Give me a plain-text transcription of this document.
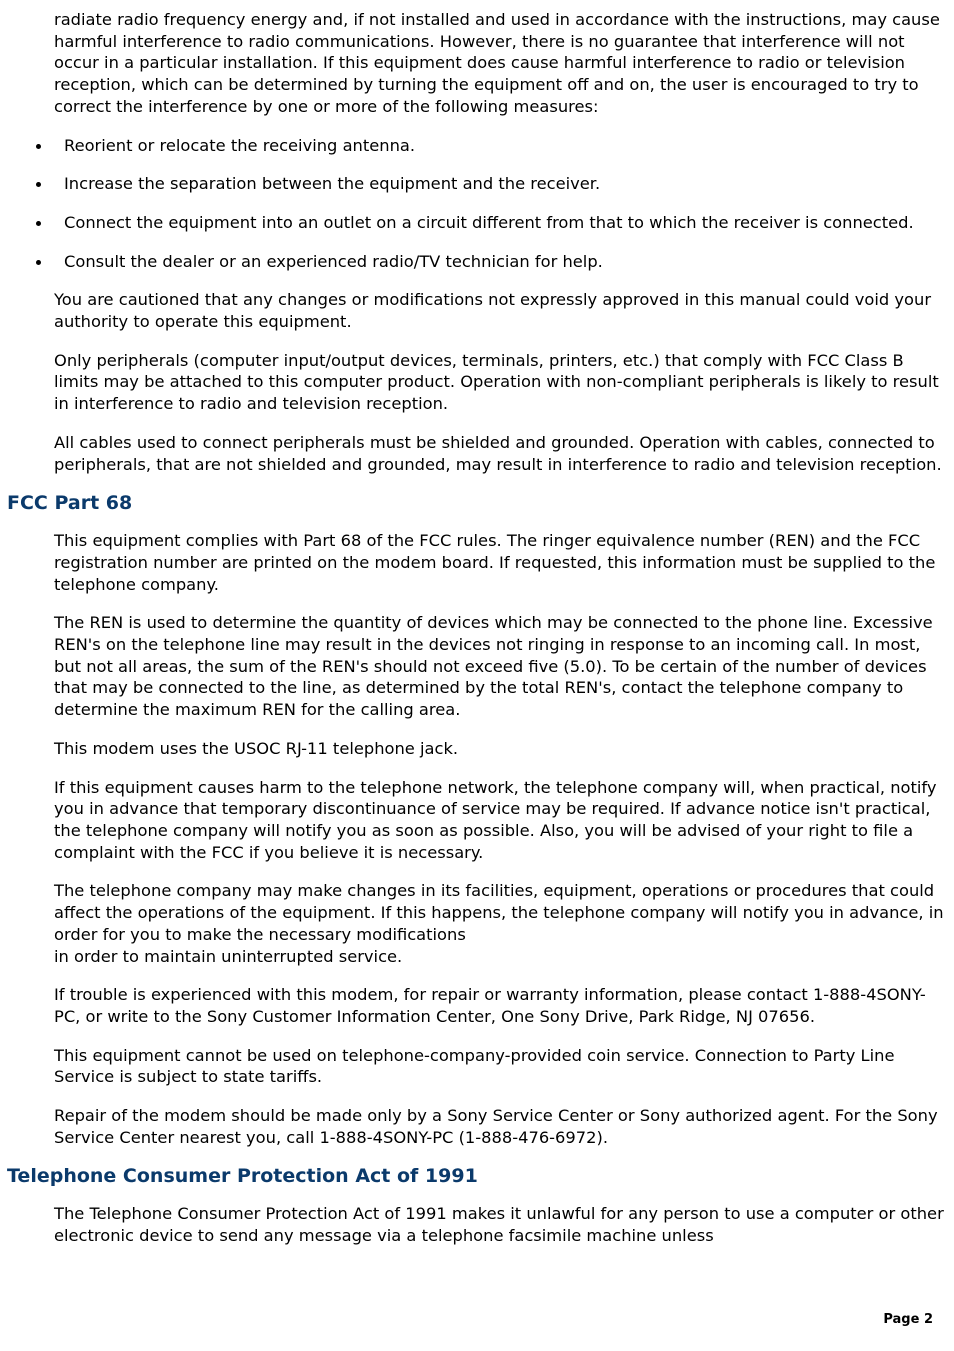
radiate radio frequency energy and, if not installed and used in accordance with the instructions, may cause harmful interference to radio communications. However, there is no guarantee that interference will not occur in a particular installation. If this equipment does cause harmful interference to radio or television reception, which can be determined by turning the equipment off and on, the user is encouraged to try to correct the interference by one or more of the following measures:

Reorient or relocate the receiving antenna.
Increase the separation between the equipment and the receiver.
Connect the equipment into an outlet on a circuit different from that to which the receiver is connected.
Consult the dealer or an experienced radio/TV technician for help.

You are cautioned that any changes or modifications not expressly approved in this manual could void your authority to operate this equipment.

Only peripherals (computer input/output devices, terminals, printers, etc.) that comply with FCC Class B limits may be attached to this computer product. Operation with non-compliant peripherals is likely to result in interference to radio and television reception.

All cables used to connect peripherals must be shielded and grounded. Operation with cables, connected to peripherals, that are not shielded and grounded, may result in interference to radio and television reception.

FCC Part 68

This equipment complies with Part 68 of the FCC rules. The ringer equivalence number (REN) and the FCC registration number are printed on the modem board. If requested, this information must be supplied to the telephone company.

The REN is used to determine the quantity of devices which may be connected to the phone line. Excessive REN's on the telephone line may result in the devices not ringing in response to an incoming call. In most, but not all areas, the sum of the REN's should not exceed five (5.0). To be certain of the number of devices that may be connected to the line, as determined by the total REN's, contact the telephone company to determine the maximum REN for the calling area.

This modem uses the USOC RJ-11 telephone jack.

If this equipment causes harm to the telephone network, the telephone company will, when practical, notify you in advance that temporary discontinuance of service may be required. If advance notice isn't practical, the telephone company will notify you as soon as possible. Also, you will be advised of your right to file a complaint with the FCC if you believe it is necessary.

The telephone company may make changes in its facilities, equipment, operations or procedures that could affect the operations of the equipment. If this happens, the telephone company will notify you in advance, in order for you to make the necessary modifications
in order to maintain uninterrupted service.

If trouble is experienced with this modem, for repair or warranty information, please contact 1-888-4SONY-PC, or write to the Sony Customer Information Center, One Sony Drive, Park Ridge, NJ 07656.

This equipment cannot be used on telephone-company-provided coin service. Connection to Party Line Service is subject to state tariffs.

Repair of the modem should be made only by a Sony Service Center or Sony authorized agent. For the Sony Service Center nearest you, call 1-888-4SONY-PC (1-888-476-6972).

Telephone Consumer Protection Act of 1991

The Telephone Consumer Protection Act of 1991 makes it unlawful for any person to use a computer or other electronic device to send any message via a telephone facsimile machine unless

Page 2
